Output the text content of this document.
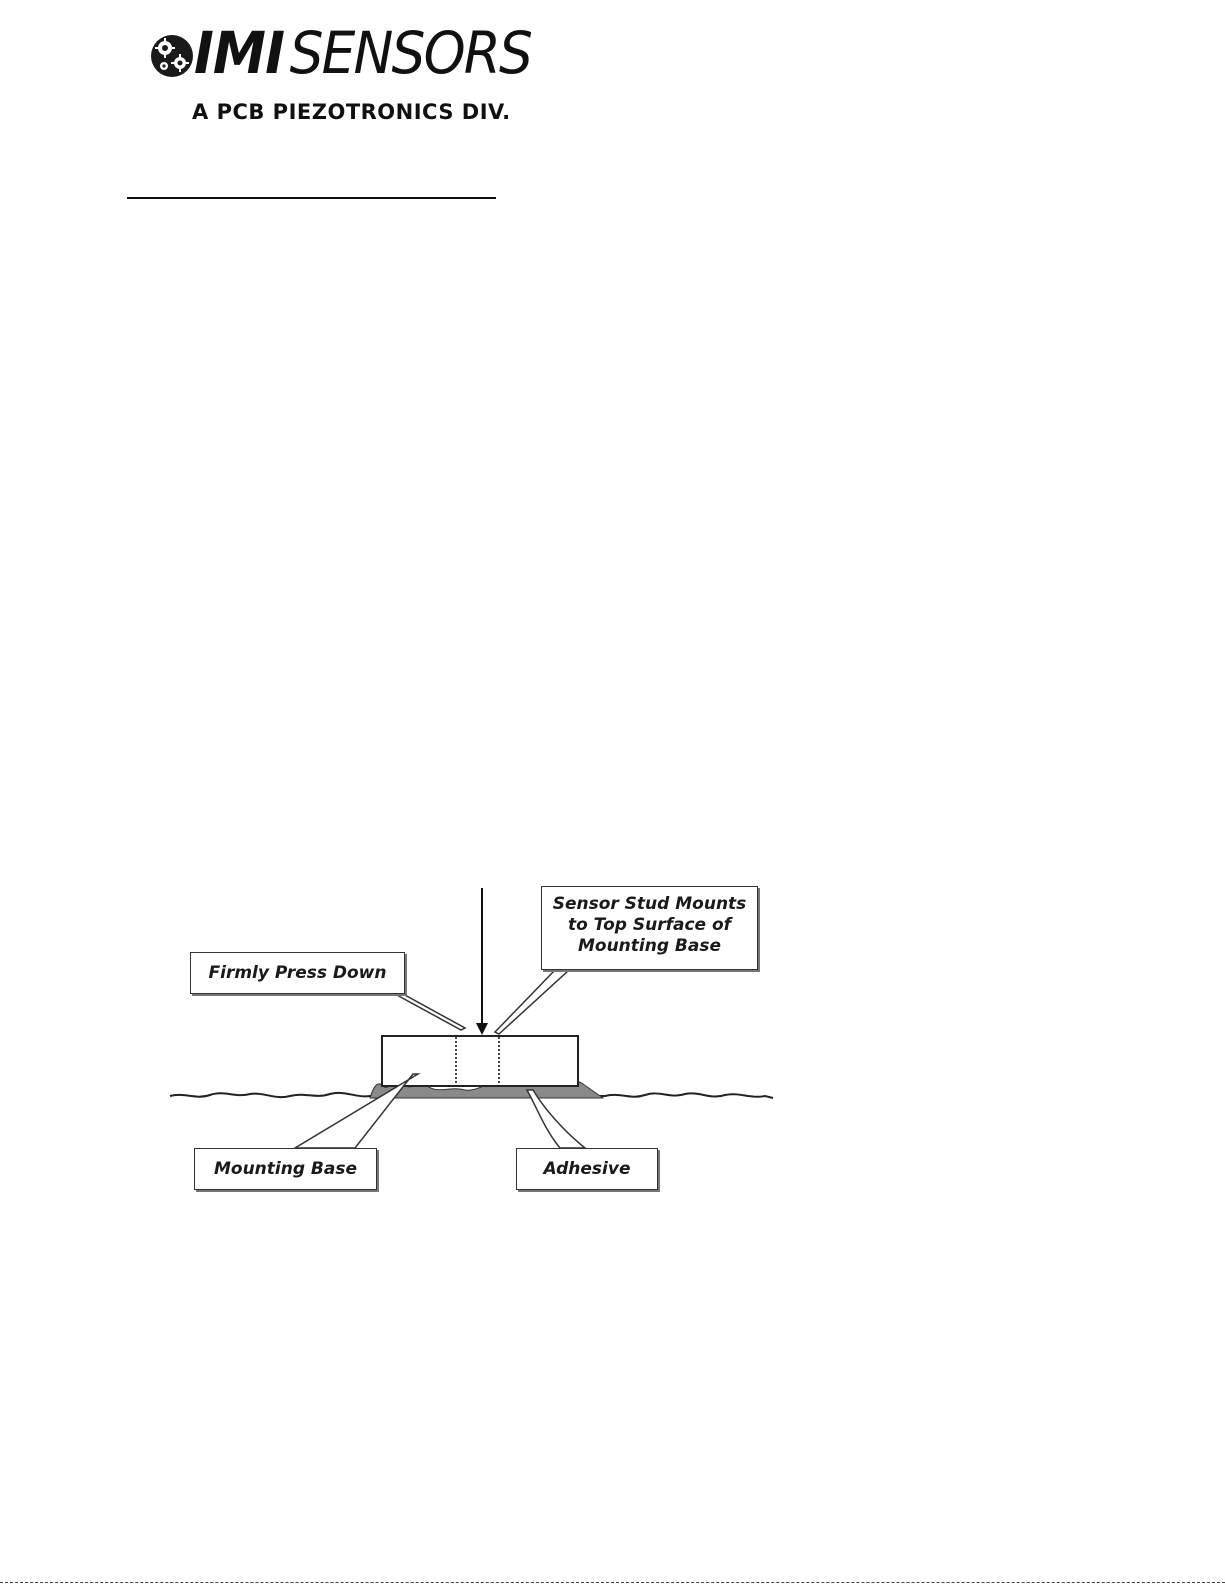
IMISENSORS
A PCB PIEZOTRONICS DIV.
Firmly Press Down
Sensor Stud Mounts
to Top Surface of
Mounting Base
Mounting Base	Adhesive
